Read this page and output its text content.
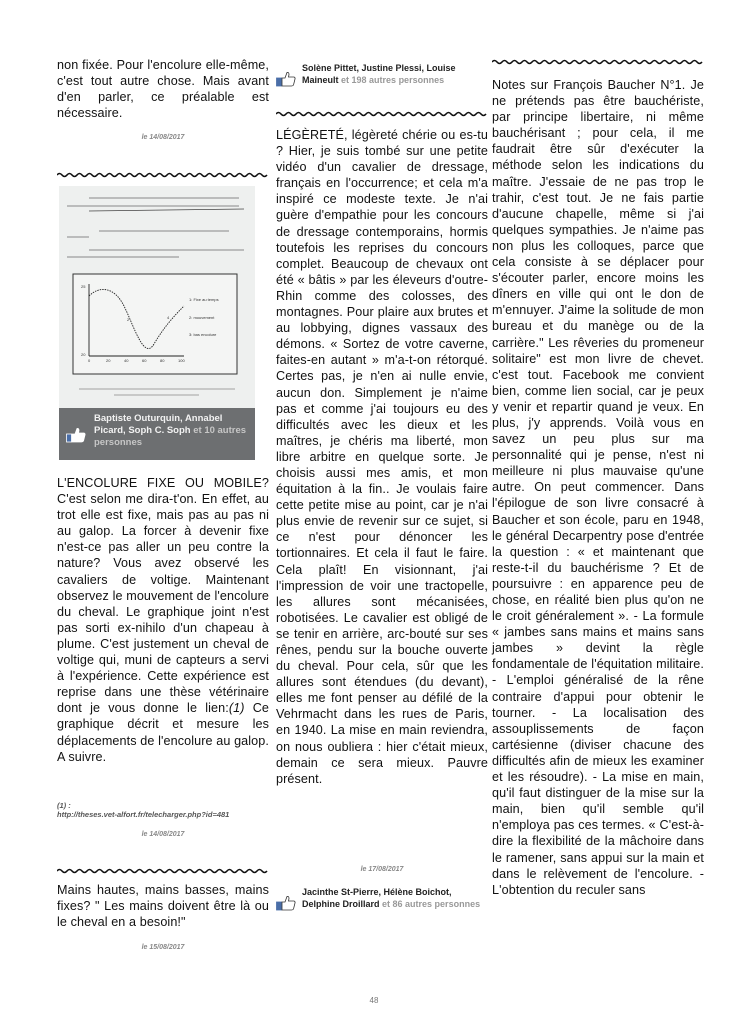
non fixée. Pour l'encolure elle-même, c'est tout autre chose. Mais avant d'en parler, ce préalable est nécessaire.

le 14/08/2017

25
20
0	20	40	60	80	100
1: Fixe au temps
2: mouvement
3: bas encolure
2	4
Baptiste Outurquin, Annabel Picard, Soph C. Soph et 10 autres personnes

L'ENCOLURE FIXE OU MOBILE? C'est selon me dira-t'on. En effet, au trot elle est fixe, mais pas au pas ni au galop. La forcer à devenir fixe n'est-ce pas aller un peu contre la nature? Vous avez observé les cavaliers de voltige. Maintenant observez le mouvement de l'encolure du cheval. Le graphique joint n'est pas sorti ex-nihilo d'un chapeau à plume. C'est justement un cheval de voltige qui, muni de capteurs a servi à l'expérience. Cette expérience est reprise dans une thèse vétérinaire dont je vous donne le lien:(1) Ce graphique décrit et mesure les déplacements de l'encolure au galop. A suivre.

(1) :

http://theses.vet-alfort.fr/telecharger.php?id=481

le 14/08/2017

Mains hautes, mains basses, mains fixes? " Les mains doivent être là ou le cheval en a besoin!"

le 15/08/2017

Solène Pittet, Justine Plessi, Louise Maineult et 198 autres personnes

LÉGÈRETÉ, légèreté chérie ou es-tu ? Hier, je suis tombé sur une petite vidéo d'un cavalier de dressage, français en l'occurrence; et cela m'a inspiré ce modeste texte. Je n'ai guère d'empathie pour les concours de dressage contemporains, hormis toutefois les reprises du concours complet. Beaucoup de chevaux ont été « bâtis » par les éleveurs d'outre-Rhin comme des colosses, des montagnes. Pour plaire aux brutes et au lobbying, dignes vassaux des démons. « Sortez de votre caverne, faites-en autant » m'a-t-on rétorqué. Certes pas, je n'en ai nulle envie, aucun don. Simplement je n'aime pas et comme j'ai toujours eu des difficultés avec les dieux et les maîtres, je chéris ma liberté, mon libre arbitre en quelque sorte. Je choisis aussi mes amis, et mon équitation à la fin.. Je voulais faire cette petite mise au point, car je n'ai plus envie de revenir sur ce sujet, si ce n'est pour dénoncer les tortionnaires. Et cela il faut le faire. Cela plaît! En visionnant, j'ai l'impression de voir une tractopelle, les allures sont mécanisées, robotisées. Le cavalier est obligé de se tenir en arrière, arc-bouté sur ses rênes, pendu sur la bouche ouverte du cheval. Pour cela, sûr que les allures sont étendues (du devant), elles me font penser au défilé de la Vehrmacht dans les rues de Paris, en 1940. La mise en main reviendra, on nous oubliera : hier c'était mieux, demain ce sera mieux. Pauvre présent.

le 17/08/2017

Jacinthe St-Pierre, Hélène Boichot, Delphine Droillard et 86 autres personnes

Notes sur François Baucher N°1. Je ne prétends pas être bauchériste, par principe libertaire, ni même bauchérisant ; pour cela, il me faudrait être sûr d'exécuter la méthode selon les indications du maître. J'essaie de ne pas trop le trahir, c'est tout. Je ne fais partie d'aucune chapelle, même si j'ai quelques sympathies. Je n'aime pas non plus les colloques, parce que cela consiste à se déplacer pour s'écouter parler, encore moins les dîners en ville qui ont le don de m'ennuyer. J'aime la solitude de mon bureau et du manège ou de la carrière." Les rêveries du promeneur solitaire" est mon livre de chevet. c'est tout. Facebook me convient bien, comme lien social, car je peux y venir et repartir quand je veux. En plus, j'y apprends. Voilà vous en savez un peu plus sur ma personnalité qui je pense, n'est ni meilleure ni plus mauvaise qu'une autre. On peut commencer. Dans l'épilogue de son livre consacré à Baucher et son école, paru en 1948, le général Decarpentry pose d'entrée la question : « et maintenant que reste-t-il du bauchérisme ? Et de poursuivre : en apparence peu de chose, en réalité bien plus qu'on ne le croit généralement ». - La formule « jambes sans mains et mains sans jambes » devint la règle fondamentale de l'équitation militaire. - L'emploi généralisé de la rêne contraire d'appui pour obtenir le tourner. - La localisation des assouplissements de façon cartésienne (diviser chacune des difficultés afin de mieux les examiner et les résoudre). - La mise en main, qu'il faut distinguer de la mise sur la main, bien qu'il semble qu'il n'employa pas ces termes. « C'est-à-dire la flexibilité de la mâchoire dans le ramener, sans appui sur la main et dans le relèvement de l'encolure. - L'obtention du reculer sans

48
